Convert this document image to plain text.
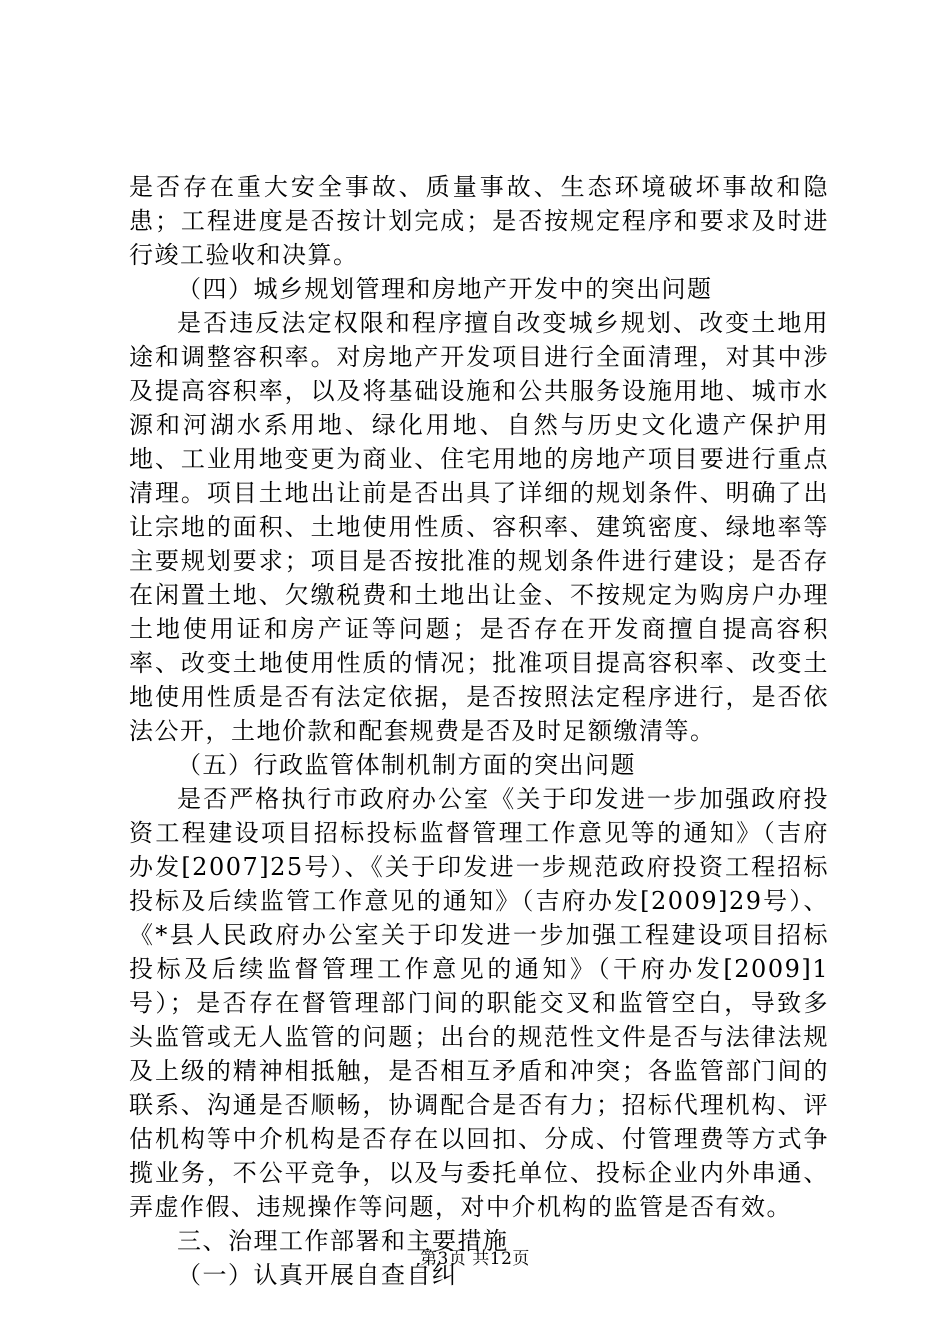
是否存在重大安全事故、质量事故、生态环境破坏事故和隐患；工程进度是否按计划完成；是否按规定程序和要求及时进行竣工验收和决算。

（四）城乡规划管理和房地产开发中的突出问题

是否违反法定权限和程序擅自改变城乡规划、改变土地用途和调整容积率。对房地产开发项目进行全面清理，对其中涉及提高容积率，以及将基础设施和公共服务设施用地、城市水源和河湖水系用地、绿化用地、自然与历史文化遗产保护用地、工业用地变更为商业、住宅用地的房地产项目要进行重点清理。项目土地出让前是否出具了详细的规划条件、明确了出让宗地的面积、土地使用性质、容积率、建筑密度、绿地率等主要规划要求；项目是否按批准的规划条件进行建设；是否存在闲置土地、欠缴税费和土地出让金、不按规定为购房户办理土地使用证和房产证等问题；是否存在开发商擅自提高容积率、改变土地使用性质的情况；批准项目提高容积率、改变土地使用性质是否有法定依据，是否按照法定程序进行，是否依法公开，土地价款和配套规费是否及时足额缴清等。

（五）行政监管体制机制方面的突出问题

是否严格执行市政府办公室《关于印发进一步加强政府投资工程建设项目招标投标监督管理工作意见等的通知》（吉府办发[2007]25号）、《关于印发进一步规范政府投资工程招标投标及后续监管工作意见的通知》（吉府办发[2009]29号）、《*县人民政府办公室关于印发进一步加强工程建设项目招标投标及后续监督管理工作意见的通知》（干府办发[2009]1号）；是否存在督管理部门间的职能交叉和监管空白，导致多头监管或无人监管的问题；出台的规范性文件是否与法律法规及上级的精神相抵触，是否相互矛盾和冲突；各监管部门间的联系、沟通是否顺畅，协调配合是否有力；招标代理机构、评估机构等中介机构是否存在以回扣、分成、付管理费等方式争揽业务，不公平竞争，以及与委托单位、投标企业内外串通、弄虚作假、违规操作等问题，对中介机构的监管是否有效。

三、治理工作部署和主要措施

（一）认真开展自查自纠

第3页 共12页
